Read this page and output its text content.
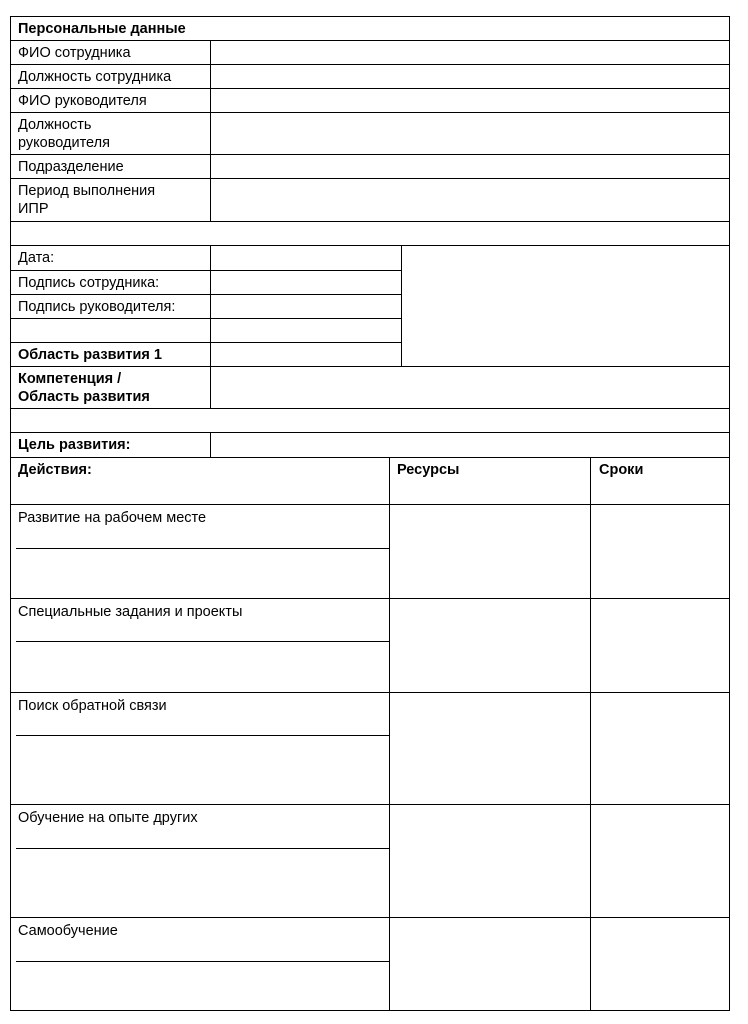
Персональные данные
ФИО сотрудника
Должность сотрудника
ФИО руководителя
Должность
руководителя
Подразделение
Период выполнения
ИПР
Дата:
Подпись сотрудника:
Подпись руководителя:
Область развития 1
Компетенция /
Область развития
Цель развития:
Действия:	Ресурсы	Сроки
Развитие на рабочем месте
Специальные задания и проекты
Поиск обратной связи
Обучение на опыте других
Самообучение
